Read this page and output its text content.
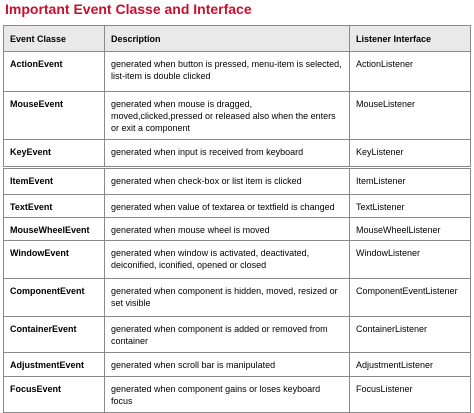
Important Event Classe and Interface
Event Classe	Description	Listener Interface
ActionEvent	generated when button is pressed, menu-item is selected, list-item is double clicked	ActionListener
MouseEvent	generated when mouse is dragged, moved,clicked,pressed or released also when the enters or exit a component	MouseListener
KeyEvent	generated when input is received from keyboard	KeyListener
ItemEvent	generated when check-box or list item is clicked	ItemListener
TextEvent	generated when value of textarea or textfield is changed	TextListener
MouseWheelEvent	generated when mouse wheel is moved	MouseWheelListener
WindowEvent	generated when window is activated, deactivated, deiconified, iconified, opened or closed	WindowListener
ComponentEvent	generated when component is hidden, moved, resized or set visible	ComponentEventListener
ContainerEvent	generated when component is added or removed from container	ContainerListener
AdjustmentEvent	generated when scroll bar is manipulated	AdjustmentListener
FocusEvent	generated when component gains or loses keyboard focus	FocusListener
